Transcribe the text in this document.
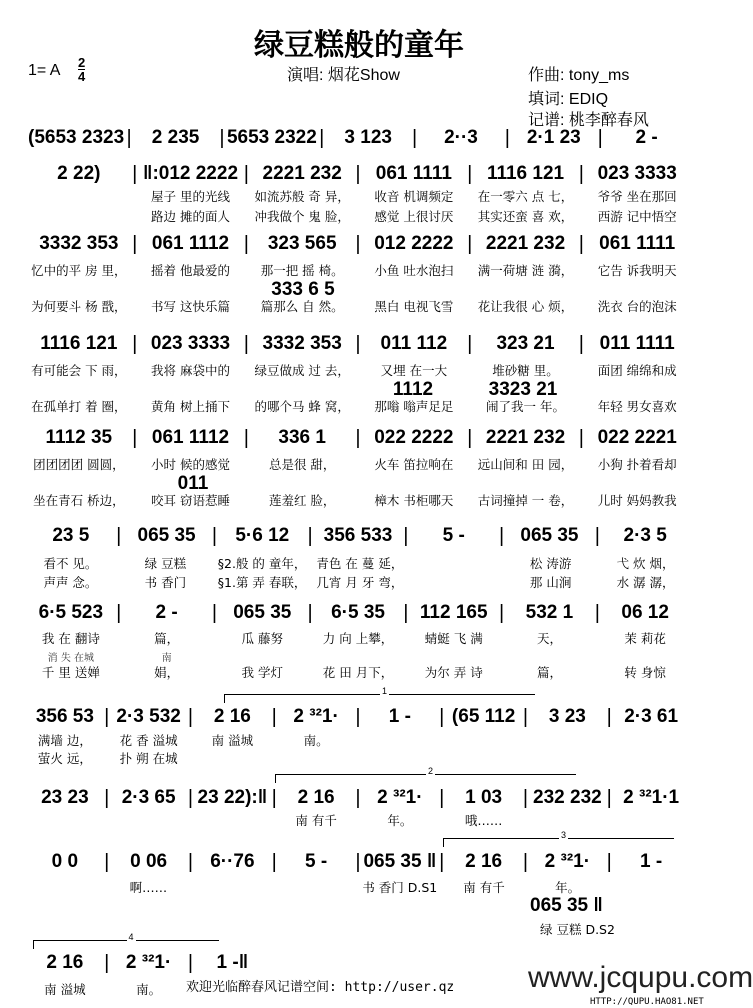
绿豆糕般的童年
1= A 2
4	演唱: 烟花Show	作曲: tony_ms
填词: EDIQ
记谱: 桃李醉春风
(5653 2323 |	2 235	| 5653 2322 |	3 123	|	2··3	| 2·1 23 |	2 -
2 22)	| ‖:012 2222 | 2221 232 | 061 1111 | 1116 121 | 023 3333
屋子 里的光线	如流苏般 奇 异，	收音 机调频定	在一零六 点 七，	爷爷 坐在那回
路边 摊的面人	冲我做个 鬼 脸，	感觉 上很讨厌	其实还蛮 喜 欢，	西游 记中悟空
3332 353 | 061 1112 | 323 565 | 012 2222 | 2221 232 | 061 1111
忆中的平 房 里，	摇着 他最爱的	那一把 摇 椅。	小鱼 吐水泡扫	满一荷塘 涟 漪，	它告 诉我明天
333 6 5
为何要斗 杨 戬，	书写 这快乐篇	篇那么 自 然。	黑白 电视飞雪	花让我很 心 烦，	洗衣 台的泡沫
1116 121 | 023 3333 | 3332 353 |	011 112 |	323 21	| 011 1111
有可能会 下 雨，	我将 麻袋中的	绿豆做成 过 去，	又埋 在一大	堆砂糖 里。	面团 绵绵和成
1112	3323 21
在孤单打 着 圈，	黄角 树上捅下	的哪个马 蜂 窝，	那嗡 嗡声足足	闹了我一 年。	年轻 男女喜欢
1112 35 | 061 1112 |	336 1	| 022 2222 | 2221 232 | 022 2221
团团团团 圆圆，	小时 候的感觉	总是很 甜，	火车 笛拉响在	远山间和 田 园，	小狗 扑着看却
011
坐在青石 桥边，	咬耳 窃语惹睡	莲羞红 脸，	樟木 书柜哪天	古词撞掉 一 卷，	儿时 妈妈教我
23 5	| 065 35 | 5·6 12 | 356 533 |	5 -	| 065 35 |	2·3 5
看不 见。	绿 豆糕	§2.般 的 童年， 青色 在 蔓 延，	松 涛游	弋 炊 烟，
声声 念。	书 香门	§1.第 弄 春联， 几宵 月 牙 弯，	那 山涧	水 潺 潺，
6·5 523 |	2 -	| 065 35 | 6·5 35 | 112 165 |	532 1	|	06 12
我 在 翻诗	篇，	瓜 藤努	力 向 上攀，	蜻蜓 飞 满	天，	茉 莉花
消 失 在城	南
千 里 送婵	娟，	我 学灯	花 田 月下，	为尔 弄 诗	篇，	转 身惊
356 53 | 2·3 532 |	2 16	| 2 ³²1· |	1 -	| (65 112 |	3 23	| 2·3 61
满墙 边，	花 香 溢城	南 溢城	南。
萤火 远，	扑 朔 在城
23 23 | 2·3 65 | 23 22):‖ |	2 16	| 2 ³²1· |	1 03	| 232 232 | 2 ³²1·1
南 有千	年。	哦……
0 0	|	0 06	| 6··76 |	5 -	| 065 35 ‖ |	2 16	| 2 ³²1· |	1 -
啊……	书 香门 D.S1	南 有千	年。
065 35 ‖
绿 豆糕 D.S2
2 16	| 2 ³²1· |	1 -‖
南 溢城	南。
1
2
3
4
欢迎光临醉春风记谱空间: http://user.qz www.jcqupu.com
HTTP://QUPU.HAO81.NET
